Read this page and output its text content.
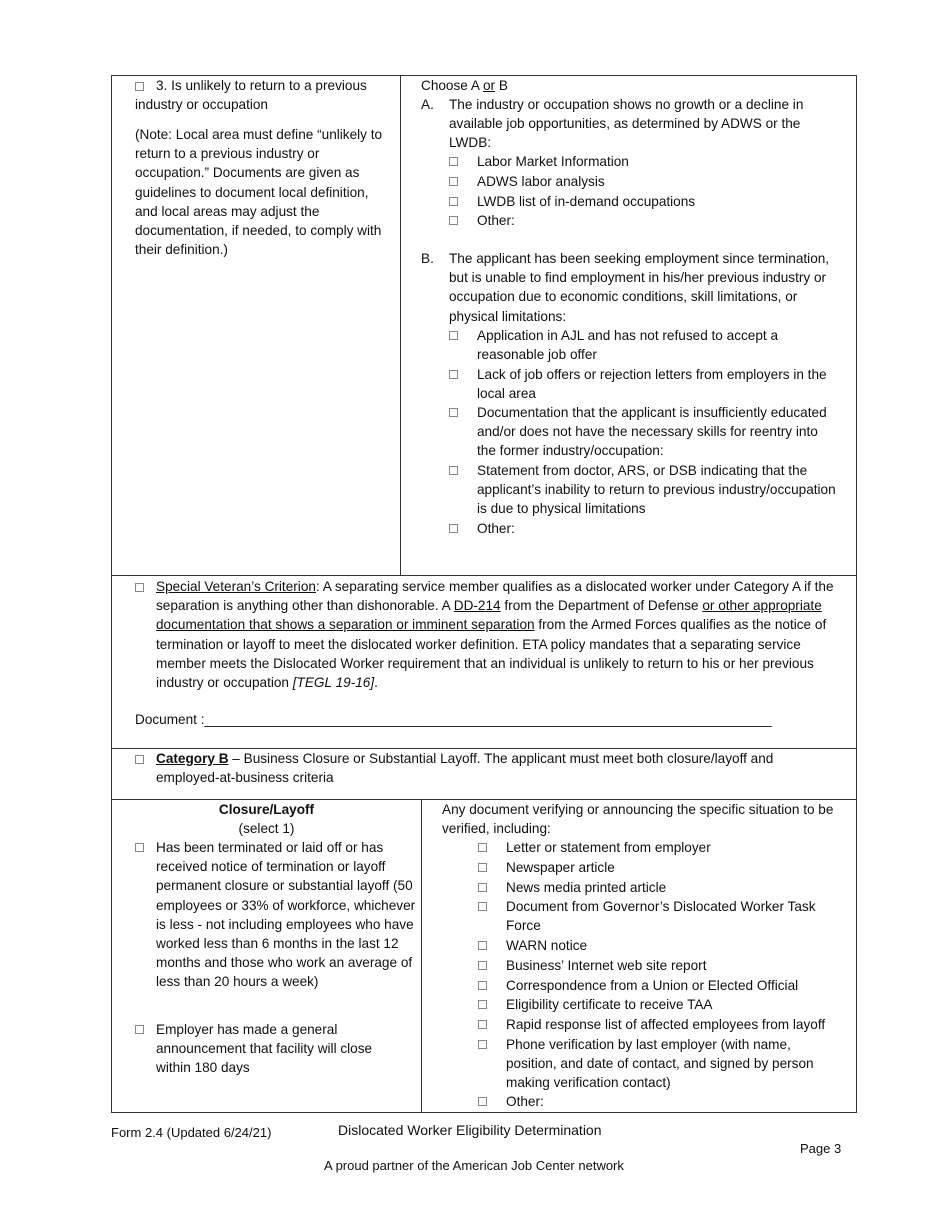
3. Is unlikely to return to a previous industry or occupation
(Note: Local area must define “unlikely to return to a previous industry or occupation.” Documents are given as guidelines to document local definition, and local areas may adjust the documentation, if needed, to comply with their definition.)
Choose A or B
A. The industry or occupation shows no growth or a decline in available job opportunities, as determined by ADWS or the LWDB:
Labor Market Information
ADWS labor analysis
LWDB list of in-demand occupations
Other:
B. The applicant has been seeking employment since termination, but is unable to find employment in his/her previous industry or occupation due to economic conditions, skill limitations, or physical limitations:
Application in AJL and has not refused to accept a reasonable job offer
Lack of job offers or rejection letters from employers in the local area
Documentation that the applicant is insufficiently educated and/or does not have the necessary skills for reentry into the former industry/occupation:
Statement from doctor, ARS, or DSB indicating that the applicant’s inability to return to previous industry/occupation is due to physical limitations
Other:
Special Veteran’s Criterion: A separating service member qualifies as a dislocated worker under Category A if the separation is anything other than dishonorable. A DD-214 from the Department of Defense or other appropriate documentation that shows a separation or imminent separation from the Armed Forces qualifies as the notice of termination or layoff to meet the dislocated worker definition. ETA policy mandates that a separating service member meets the Dislocated Worker requirement that an individual is unlikely to return to his or her previous industry or occupation [TEGL 19-16].
Document :___________________________________________________________________________
Category B – Business Closure or Substantial Layoff. The applicant must meet both closure/layoff and employed-at-business criteria
Closure/Layoff
(select 1)
Has been terminated or laid off or has received notice of termination or layoff permanent closure or substantial layoff (50 employees or 33% of workforce, whichever is less - not including employees who have worked less than 6 months in the last 12 months and those who work an average of less than 20 hours a week)
Employer has made a general announcement that facility will close within 180 days
Any document verifying or announcing the specific situation to be verified, including:
Letter or statement from employer
Newspaper article
News media printed article
Document from Governor’s Dislocated Worker Task Force
WARN notice
Business’ Internet web site report
Correspondence from a Union or Elected Official
Eligibility certificate to receive TAA
Rapid response list of affected employees from layoff
Phone verification by last employer (with name, position, and date of contact, and signed by person making verification contact)
Other:
Form 2.4 (Updated 6/24/21)	Dislocated Worker Eligibility Determination
Page 3
A proud partner of the American Job Center network
